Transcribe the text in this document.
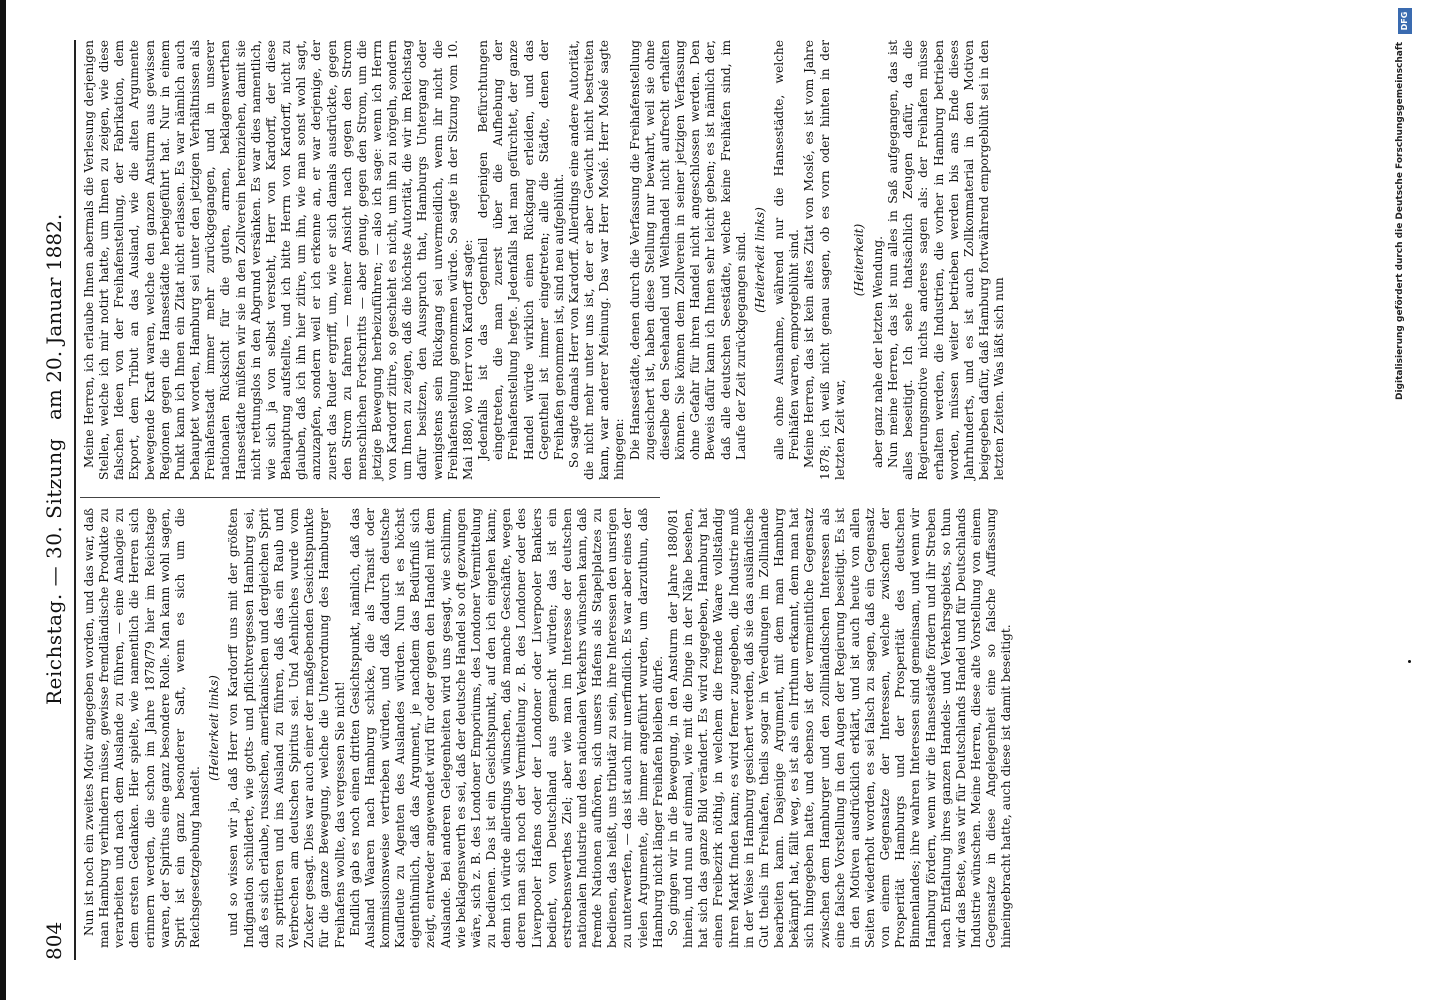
804
Reichstag. — 30. Sitzung
am 20. Januar 1882.

Nun ist noch ein zweites Motiv angegeben worden, und das war, daß man Hamburg verhindern müsse, gewisse fremdländische Produkte zu verarbeiten und nach dem Auslande zu führen, — eine Analogie zu dem ersten Gedanken. Hier spielte, wie namentlich die Herren sich erinnern werden, die schon im Jahre 1878/79 hier im Reichstage waren, der Spiritus eine ganz besondere Rolle. Man kann wohl sagen, Sprit ist ein ganz besonderer Saft, wenn es sich um die Reichsgesetzgebung handelt.

(Heiterkeit links) und so wissen wir ja, daß Herr von Kardorff uns mit der größten Indignation schilderte, wie gotts- und pflichtvergessen Hamburg sei, daß es sich erlaube, russischen, amerikanischen und dergleichen Sprit zu sprittieren und ins Ausland zu führen, daß das ein Raub und Verbrechen am deutschen Spiritus sei. Und Aehnliches wurde vom Zucker gesagt. Dies war auch einer der maßgebenden Gesichtspunkte für die ganze Bewegung, welche die Unterordnung des Hamburger Freihafens wollte, das vergessen Sie nicht! Endlich gab es noch einen dritten Gesichtspunkt, nämlich, daß das Ausland Waaren nach Hamburg schicke, die als Transit oder kommissionsweise vertrieben würden, und daß dadurch deutsche Kaufleute zu Agenten des Auslandes würden. Nun ist es höchst eigenthümlich, daß das Argument, je nachdem das Bedürfniß sich zeigt, entweder angewendet wird für oder gegen den Handel mit dem Auslande. Bei anderen Gelegenheiten wird uns gesagt, wie schlimm, wie beklagenswerth es sei, daß der deutsche Handel so oft gezwungen wäre, sich z. B. des Londoner Emporiums, des Londoner Vermittelung zu bedienen. Das ist ein Gesichtspunkt, auf den ich eingehen kann; denn ich würde allerdings wünschen, daß manche Geschäfte, wegen deren man sich noch der Vermittelung z. B. des Londoner oder des Liverpooler Hafens oder der Londoner oder Liverpooler Bankiers bedient, von Deutschland aus gemacht würden; das ist ein erstrebenswerthes Ziel; aber wie man im Interesse der deutschen nationalen Industrie und des nationalen Verkehrs wünschen kann, daß fremde Nationen aufhören, sich unsers Hafens als Stapelplatzes zu bedienen, das heißt, uns tributär zu sein, ihre Interessen den unsrigen zu unterwerfen, — das ist auch mir unerfindlich. Es war aber eines der vielen Argumente, die immer angeführt wurden, um darzuthun, daß Hamburg nicht länger Freihafen bleiben dürfe. So gingen wir in die Bewegung, in den Ansturm der Jahre 1880/81 hinein, und nun auf einmal, wie mit die Dinge in der Nähe besehen, hat sich das ganze Bild verändert. Es wird zugegeben, Hamburg hat einen Freibezirk nöthig, in welchem die fremde Waare vollständig ihren Markt finden kann; es wird ferner zugegeben, die Industrie muß in der Weise in Hamburg gesichert werden, daß sie das ausländische Gut theils im Freihafen, theils sogar in Veredlungen im Zollinlande bearbeiten kann. Dasjenige Argument, mit dem man Hamburg bekämpft hat, fällt weg, es ist als ein Irrthum erkannt, denn man hat sich hingegeben hatte, und ebenso ist der vermeintliche Gegensatz zwischen dem Hamburger und den zollinländischen Interessen als eine falsche Vorstellung in den Augen der Regierung beseitigt. Es ist in den Motiven ausdrücklich erklärt, und ist auch heute von allen Seiten wiederholt worden, es sei falsch zu sagen, daß ein Gegensatz von einem Gegensatze der Interessen, welche zwischen der Prosperität Hamburgs und der Prosperität des deutschen Binnenlandes; ihre wahren Interessen sind gemeinsam, und wenn wir Hamburg fördern, wenn wir die Hansestädte fördern und ihr Streben nach Entfaltung ihres ganzen Handels- und Verkehrsgebiets, so thun wir das Beste, was wir für Deutschlands Handel und für Deutschlands Industrie wünschen. Meine Herren, diese alte Vorstellung von einem Gegensatze in diese Angelegenheit eine so falsche Auffassung hineingebracht hatte, auch diese ist damit beseitigt.

Meine Herren, ich erlaube Ihnen abermals die Verlesung derjenigen Stellen, welche ich mir notirt hatte, um Ihnen zu zeigen, wie diese falschen Ideen von der Freihafenstellung, der Fabrikation, dem Export, dem Tribut an das Ausland, wie die alten Argumente bewegende Kraft waren, welche den ganzen Ansturm aus gewissen Regionen gegen die Hansestädte herbeigeführt hat. Nur in einem Punkt kann ich Ihnen ein Zitat nicht erlassen. Es war nämlich auch behauptet worden, Hamburg sei unter den jetzigen Verhältnissen als Freihafenstadt immer mehr zurückgegangen, und in unserer nationalen Rücksicht für die guten, armen, beklagenswerthen Hansestädte müßten wir sie in den Zollverein hereinziehen, damit sie nicht rettungslos in den Abgrund versänken. Es war dies namentlich, wie sich ja von selbst versteht, Herr von Kardorff, der diese Behauptung aufstellte, und ich bitte Herrn von Kardorff, nicht zu glauben, daß ich ihn hier zitire, um ihn, wie man sonst wohl sagt, anzuzapfen, sondern weil er ich erkenne an, er war derjenige, der zuerst das Ruder ergriff, um, wie er sich damals ausdrückte, gegen den Strom zu fahren — meiner Ansicht nach gegen den Strom menschlichen Fortschritts — aber genug, gegen den Strom, um die jetzige Bewegung herbeizuführen; — also ich sage: wenn ich Herrn von Kardorff zitire, so geschieht es nicht, um ihn zu nörgeln, sondern um Ihnen zu zeigen, daß die höchste Autorität, die wir im Reichstag dafür besitzen, den Ausspruch that, Hamburgs Untergang oder wenigstens sein Rückgang sei unvermeidlich, wenn ihr nicht die Freihafenstellung genommen würde. So sagte in der Sitzung vom 10. Mai 1880, wo Herr von Kardorff sagte: Jedenfalls ist das Gegentheil derjenigen Befürchtungen eingetreten, die man zuerst über die Aufhebung der Freihafenstellung hegte. Jedenfalls hat man gefürchtet, der ganze Handel würde wirklich einen Rückgang erleiden, und das Gegentheil ist immer eingetreten; alle die Städte, denen der Freihafen genommen ist, sind neu aufgeblüht. So sagte damals Herr von Kardorff. Allerdings eine andere Autorität, die nicht mehr unter uns ist, der er aber Gewicht nicht bestreiten kann, war anderer Meinung. Das war Herr Moslé. Herr Moslé sagte hingegen: Die Hansestädte, denen durch die Verfassung die Freihafenstellung zugesichert ist, haben diese Stellung nur bewahrt, weil sie ohne dieselbe den Seehandel und Welthandel nicht aufrecht erhalten können. Sie können dem Zollverein in seiner jetzigen Verfassung ohne Gefahr für ihren Handel nicht angeschlossen werden. Den Beweis dafür kann ich Ihnen sehr leicht geben; es ist nämlich der, daß alle deutschen Seestädte, welche keine Freihäfen sind, im Laufe der Zeit zurückgegangen sind. (Heiterkeit links) alle ohne Ausnahme, während nur die Hansestädte, welche Freihäfen waren, emporgeblüht sind. Meine Herren, das ist kein altes Zitat von Moslé, es ist vom Jahre 1878; ich weiß nicht genau sagen, ob es vorn oder hinten in der letzten Zeit war,

(Heiterkeit) aber ganz nahe der letzten Wendung. Nun meine Herren, das ist nun alles in Saß aufgegangen, das ist alles beseitigt. Ich sehe thatsächlich Zeugen dafür, da die Regierungsmotive nichts anderes sagen als: der Freihafen müsse erhalten werden, die Industrien, die vorher in Hamburg betrieben worden, müssen weiter betrieben werden bis ans Ende dieses Jahrhunderts, und es ist auch Zollkonmaterial in den Motiven beigegeben dafür, daß Hamburg fortwährend emporgeblüht sei in den letzten Zeiten. Was läßt sich nun	Digitalisierung gefördert durch die Deutsche Forschungsgemeinschaft
DFG
